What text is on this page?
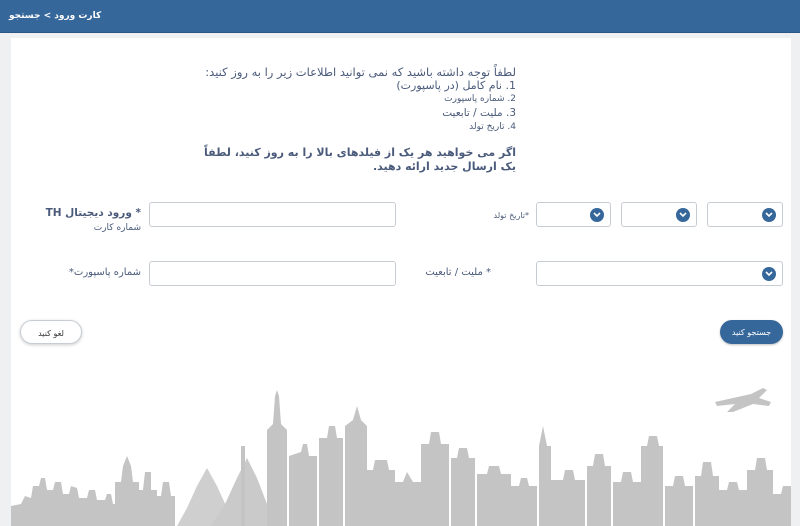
کارت ورود > جستجو
لطفاً توجه داشته باشید که نمی توانید اطلاعات زیر را به روز کنید:
1. نام کامل (در پاسپورت)
2. شماره پاسپورت
3. ملیت / تابعیت
4. تاریخ تولد
اگر می خواهید هر یک از فیلدهای بالا را به روز کنید، لطفاً یک ارسال جدید ارائه دهید.
* ورود دیجیتال TH
شماره کارت
*تاریخ تولد
شماره پاسپورت*	* ملیت / تابعیت
لغو کنید	جستجو کنید
